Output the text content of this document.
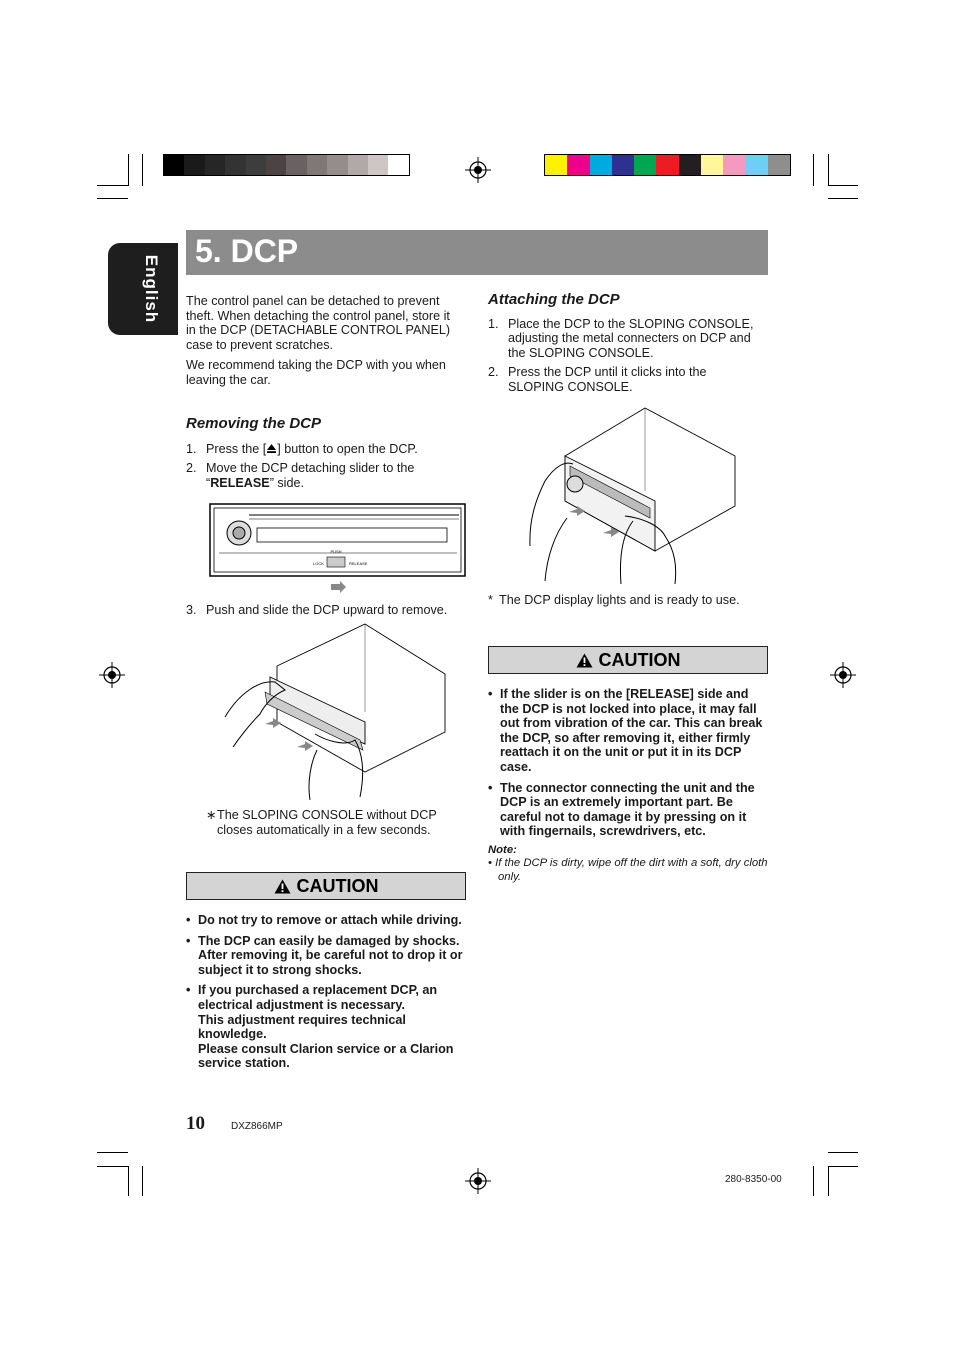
English
5. DCP

The control panel can be detached to prevent theft. When detaching the control panel, store it in the DCP (DETACHABLE CONTROL PANEL) case to prevent scratches.

We recommend taking the DCP with you when leaving the car.

Removing the DCP
1. Press the [ ] button to open the DCP.
2. Move the DCP detaching slider to the “RELEASE” side.
PUSH
LOCK	RELEASE
3. Push and slide the DCP upward to remove.
∗ The SLOPING CONSOLE without DCP closes automatically in a few seconds.
CAUTION
• Do not try to remove or attach while driving.
• The DCP can easily be damaged by shocks. After removing it, be careful not to drop it or subject it to strong shocks.
• If you purchased a replacement DCP, an electrical adjustment is necessary.
This adjustment requires technical knowledge.
Please consult Clarion service or a Clarion service station.
Attaching the DCP
1. Place the DCP to the SLOPING CONSOLE, adjusting the metal connecters on DCP and the SLOPING CONSOLE.
2. Press the DCP until it clicks into the SLOPING CONSOLE.
* The DCP display lights and is ready to use.
CAUTION
• If the slider is on the [RELEASE] side and the DCP is not locked into place, it may fall out from vibration of the car. This can break the DCP, so after removing it, either firmly reattach it on the unit or put it in its DCP case.
• The connector connecting the unit and the DCP is an extremely important part. Be careful not to damage it by pressing on it with fingernails, screwdrivers, etc.
Note:
• If the DCP is dirty, wipe off the dirt with a soft, dry cloth only.
10	DXZ866MP
280-8350-00
